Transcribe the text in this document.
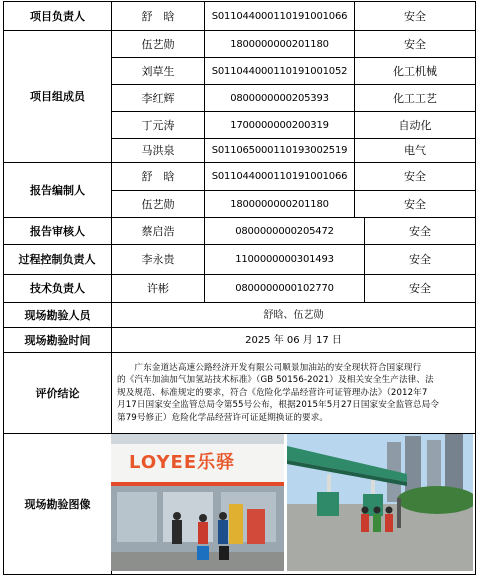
项目负责人	舒　晗	S011044000110191001066	安全
项目组成员
伍艺勋	1800000000201180	安全
刘草生	S011044000110191001052	化工机械
李红辉	0800000000205393	化工工艺
丁元涛	1700000000200319	自动化
马洪泉	S011065000110193002519	电气
报告编制人
舒　晗	S011044000110191001066	安全
伍艺勋	1800000000201180	安全
报告审核人	蔡启浩	0800000000205472	安全
过程控制负责人	李永贵	1100000000301493	安全
技术负责人	许彬	0800000000102770	安全
现场勘验人员	舒晗、伍艺勋
现场勘验时间	2025 年 06 月 17 日
评价结论
　　广东金道达高速公路经济开发有限公司顺景加油站的安全现状符合国家现行
的《汽车加油加气加氢站技术标准》（GB 50156-2021）及相关安全生产法律、法
规及规范、标准规定的要求，符合《危险化学品经营许可证管理办法》（2012年7
月17日国家安全监管总局令第55号公布，根据2015年5月27日国家安全监管总局令
第79号修正）危险化学品经营许可证延期换证的要求。
现场勘验图像
LOYEE乐驿
